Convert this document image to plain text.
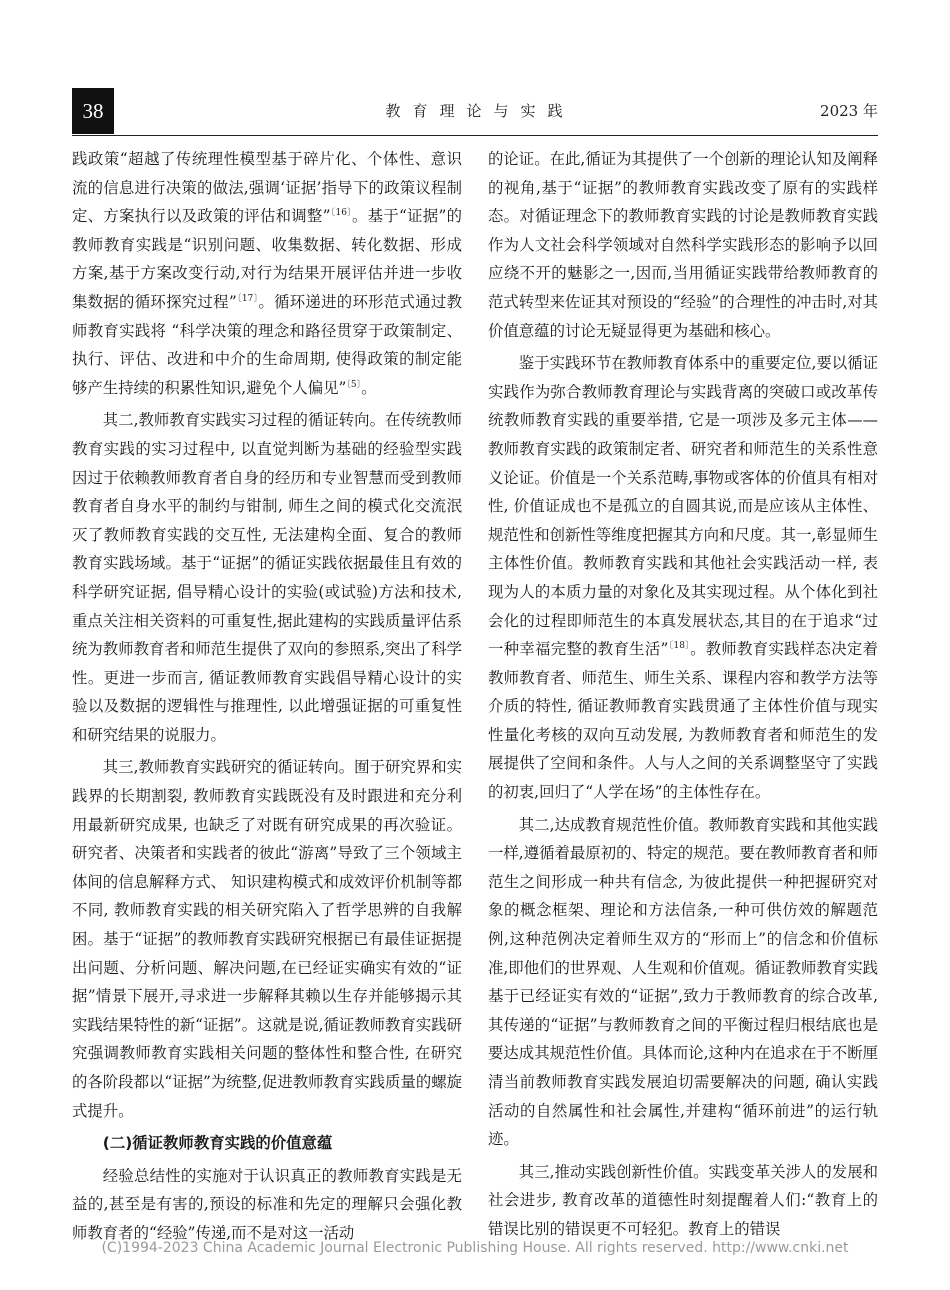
38	教育理论与实践	2023 年

践政策“超越了传统理性模型基于碎片化、个体性、意识流的信息进行决策的做法,强调‘证据’指导下的政策议程制定、方案执行以及政策的评估和调整”$^{〔16〕}$。基于“证据”的教师教育实践是“识别问题、收集数据、转化数据、形成方案,基于方案改变行动,对行为结果开展评估并进一步收集数据的循环探究过程”$^{〔17〕}$。循环递进的环形范式通过教师教育实践将 “科学决策的理念和路径贯穿于政策制定、执行、评估、改进和中介的生命周期, 使得政策的制定能够产生持续的积累性知识,避免个人偏见”$^{〔5〕}$。

其二,教师教育实践实习过程的循证转向。在传统教师教育实践的实习过程中, 以直觉判断为基础的经验型实践因过于依赖教师教育者自身的经历和专业智慧而受到教师教育者自身水平的制约与钳制, 师生之间的模式化交流泯灭了教师教育实践的交互性, 无法建构全面、复合的教师教育实践场域。基于“证据”的循证实践依据最佳且有效的科学研究证据, 倡导精心设计的实验(或试验)方法和技术,重点关注相关资料的可重复性,据此建构的实践质量评估系统为教师教育者和师范生提供了双向的参照系,突出了科学性。更进一步而言, 循证教师教育实践倡导精心设计的实验以及数据的逻辑性与推理性, 以此增强证据的可重复性和研究结果的说服力。

其三,教师教育实践研究的循证转向。囿于研究界和实践界的长期割裂, 教师教育实践既没有及时跟进和充分利用最新研究成果, 也缺乏了对既有研究成果的再次验证。研究者、决策者和实践者的彼此“游离”导致了三个领域主体间的信息解释方式、 知识建构模式和成效评价机制等都不同, 教师教育实践的相关研究陷入了哲学思辨的自我解困。基于“证据”的教师教育实践研究根据已有最佳证据提出问题、分析问题、解决问题,在已经证实确实有效的“证据”情景下展开,寻求进一步解释其赖以生存并能够揭示其实践结果特性的新“证据”。这就是说,循证教师教育实践研究强调教师教育实践相关问题的整体性和整合性, 在研究的各阶段都以“证据”为统整,促进教师教育实践质量的螺旋式提升。

(二)循证教师教育实践的价值意蕴

经验总结性的实施对于认识真正的教师教育实践是无益的,甚至是有害的,预设的标准和先定的理解只会强化教师教育者的“经验”传递,而不是对这一活动

的论证。在此,循证为其提供了一个创新的理论认知及阐释的视角,基于“证据”的教师教育实践改变了原有的实践样态。对循证理念下的教师教育实践的讨论是教师教育实践作为人文社会科学领域对自然科学实践形态的影响予以回应绕不开的魅影之一,因而,当用循证实践带给教师教育的范式转型来佐证其对预设的“经验”的合理性的冲击时,对其价值意蕴的讨论无疑显得更为基础和核心。

鉴于实践环节在教师教育体系中的重要定位,要以循证实践作为弥合教师教育理论与实践背离的突破口或改革传统教师教育实践的重要举措, 它是一项涉及多元主体——教师教育实践的政策制定者、研究者和师范生的关系性意义论证。价值是一个关系范畴,事物或客体的价值具有相对性, 价值证成也不是孤立的自圆其说,而是应该从主体性、规范性和创新性等维度把握其方向和尺度。其一,彰显师生主体性价值。教师教育实践和其他社会实践活动一样, 表现为人的本质力量的对象化及其实现过程。从个体化到社会化的过程即师范生的本真发展状态,其目的在于追求“过一种幸福完整的教育生活”$^{〔18〕}$。教师教育实践样态决定着教师教育者、师范生、师生关系、课程内容和教学方法等介质的特性, 循证教师教育实践贯通了主体性价值与现实性量化考核的双向互动发展, 为教师教育者和师范生的发展提供了空间和条件。人与人之间的关系调整坚守了实践的初衷,回归了“人学在场”的主体性存在。

其二,达成教育规范性价值。教师教育实践和其他实践一样,遵循着最原初的、特定的规范。要在教师教育者和师范生之间形成一种共有信念, 为彼此提供一种把握研究对象的概念框架、理论和方法信条,一种可供仿效的解题范例,这种范例决定着师生双方的“形而上”的信念和价值标准,即他们的世界观、人生观和价值观。循证教师教育实践基于已经证实有效的“证据”,致力于教师教育的综合改革,其传递的“证据”与教师教育之间的平衡过程归根结底也是要达成其规范性价值。具体而论,这种内在追求在于不断厘清当前教师教育实践发展迫切需要解决的问题, 确认实践活动的自然属性和社会属性,并建构“循环前进”的运行轨迹。

其三,推动实践创新性价值。实践变革关涉人的发展和社会进步, 教育改革的道德性时刻提醒着人们:“教育上的错误比别的错误更不可轻犯。教育上的错误

(C)1994-2023 China Academic Journal Electronic Publishing House. All rights reserved. http://www.cnki.net
